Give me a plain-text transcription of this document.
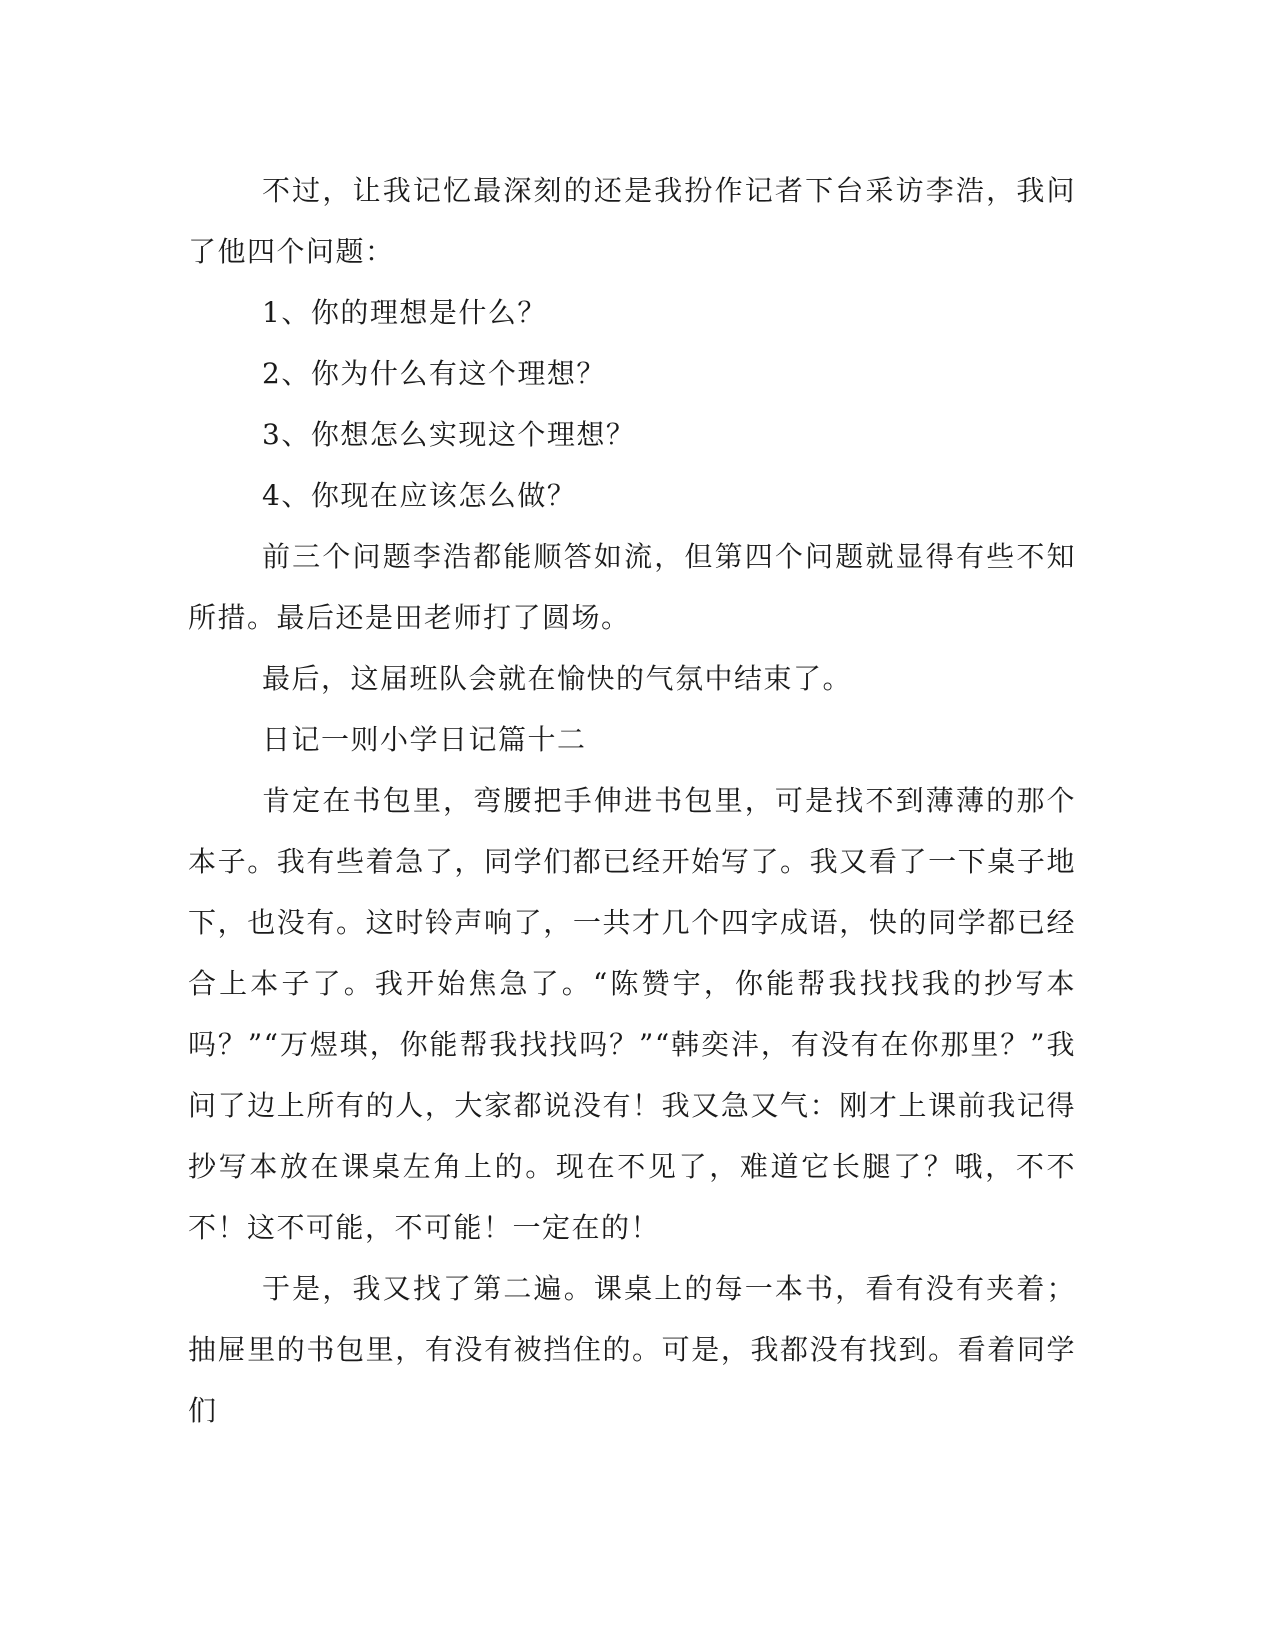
不过，让我记忆最深刻的还是我扮作记者下台采访李浩，我问了他四个问题：

1、你的理想是什么？

2、你为什么有这个理想？

3、你想怎么实现这个理想？

4、你现在应该怎么做？

前三个问题李浩都能顺答如流，但第四个问题就显得有些不知所措。最后还是田老师打了圆场。

最后，这届班队会就在愉快的气氛中结束了。

日记一则小学日记篇十二

肯定在书包里，弯腰把手伸进书包里，可是找不到薄薄的那个本子。我有些着急了，同学们都已经开始写了。我又看了一下桌子地下，也没有。这时铃声响了，一共才几个四字成语，快的同学都已经合上本子了。我开始焦急了。“陈赞宇，你能帮我找找我的抄写本吗？”“万煜琪，你能帮我找找吗？”“韩奕沣，有没有在你那里？”我问了边上所有的人，大家都说没有！我又急又气：刚才上课前我记得抄写本放在课桌左角上的。现在不见了，难道它长腿了？哦，不不不！这不可能，不可能！一定在的！

于是，我又找了第二遍。课桌上的每一本书，看有没有夹着；抽屉里的书包里，有没有被挡住的。可是，我都没有找到。看着同学们
